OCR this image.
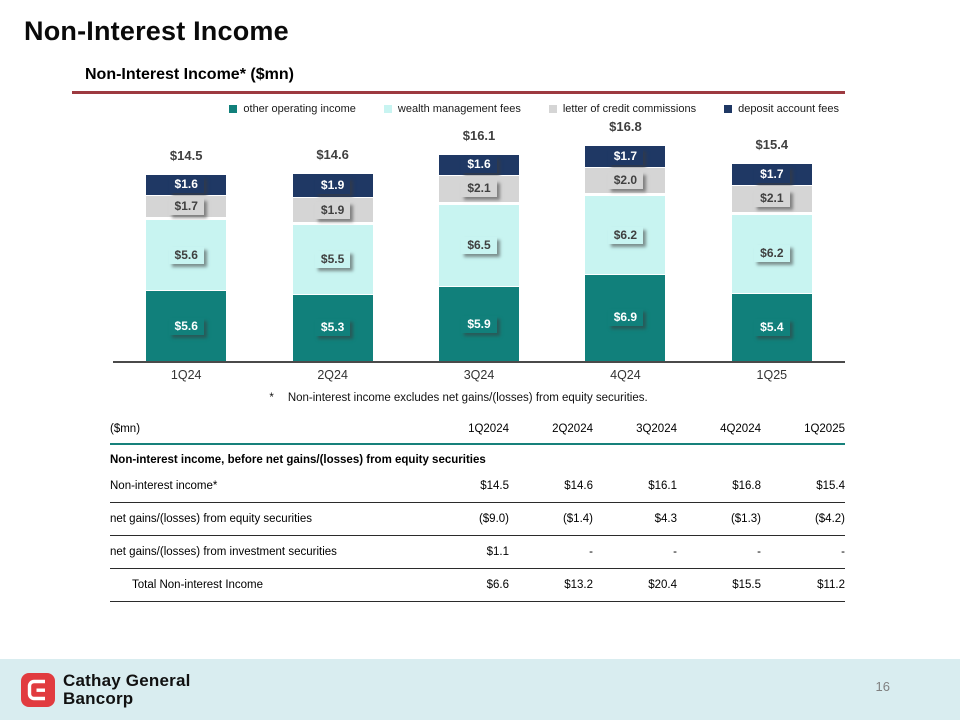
Non-Interest Income
Non-Interest Income* ($mn)
other operating income	wealth management fees	letter of credit commissions	deposit account fees
$14.5
$1.6
$1.7
$5.6
$5.6
$14.6
$1.9
$1.9
$5.5
$5.3
$16.1
$1.6
$2.1
$6.5
$5.9
$16.8
$1.7
$2.0
$6.2
$6.9
$15.4
$1.7
$2.1
$6.2
$5.4
1Q24	2Q24	3Q24	4Q24	1Q25
* Non-interest income excludes net gains/(losses) from equity securities.
($mn)	1Q2024	2Q2024	3Q2024	4Q2024	1Q2025
Non-interest income, before net gains/(losses) from equity securities					
Non-interest income*	$14.5	$14.6	$16.1	$16.8	$15.4
net gains/(losses) from equity securities	($9.0)	($1.4)	$4.3	($1.3)	($4.2)
net gains/(losses) from investment securities	$1.1	-	-	-	-
Total Non-interest Income	$6.6	$13.2	$20.4	$15.5	$11.2
Cathay General
Bancorp
16
